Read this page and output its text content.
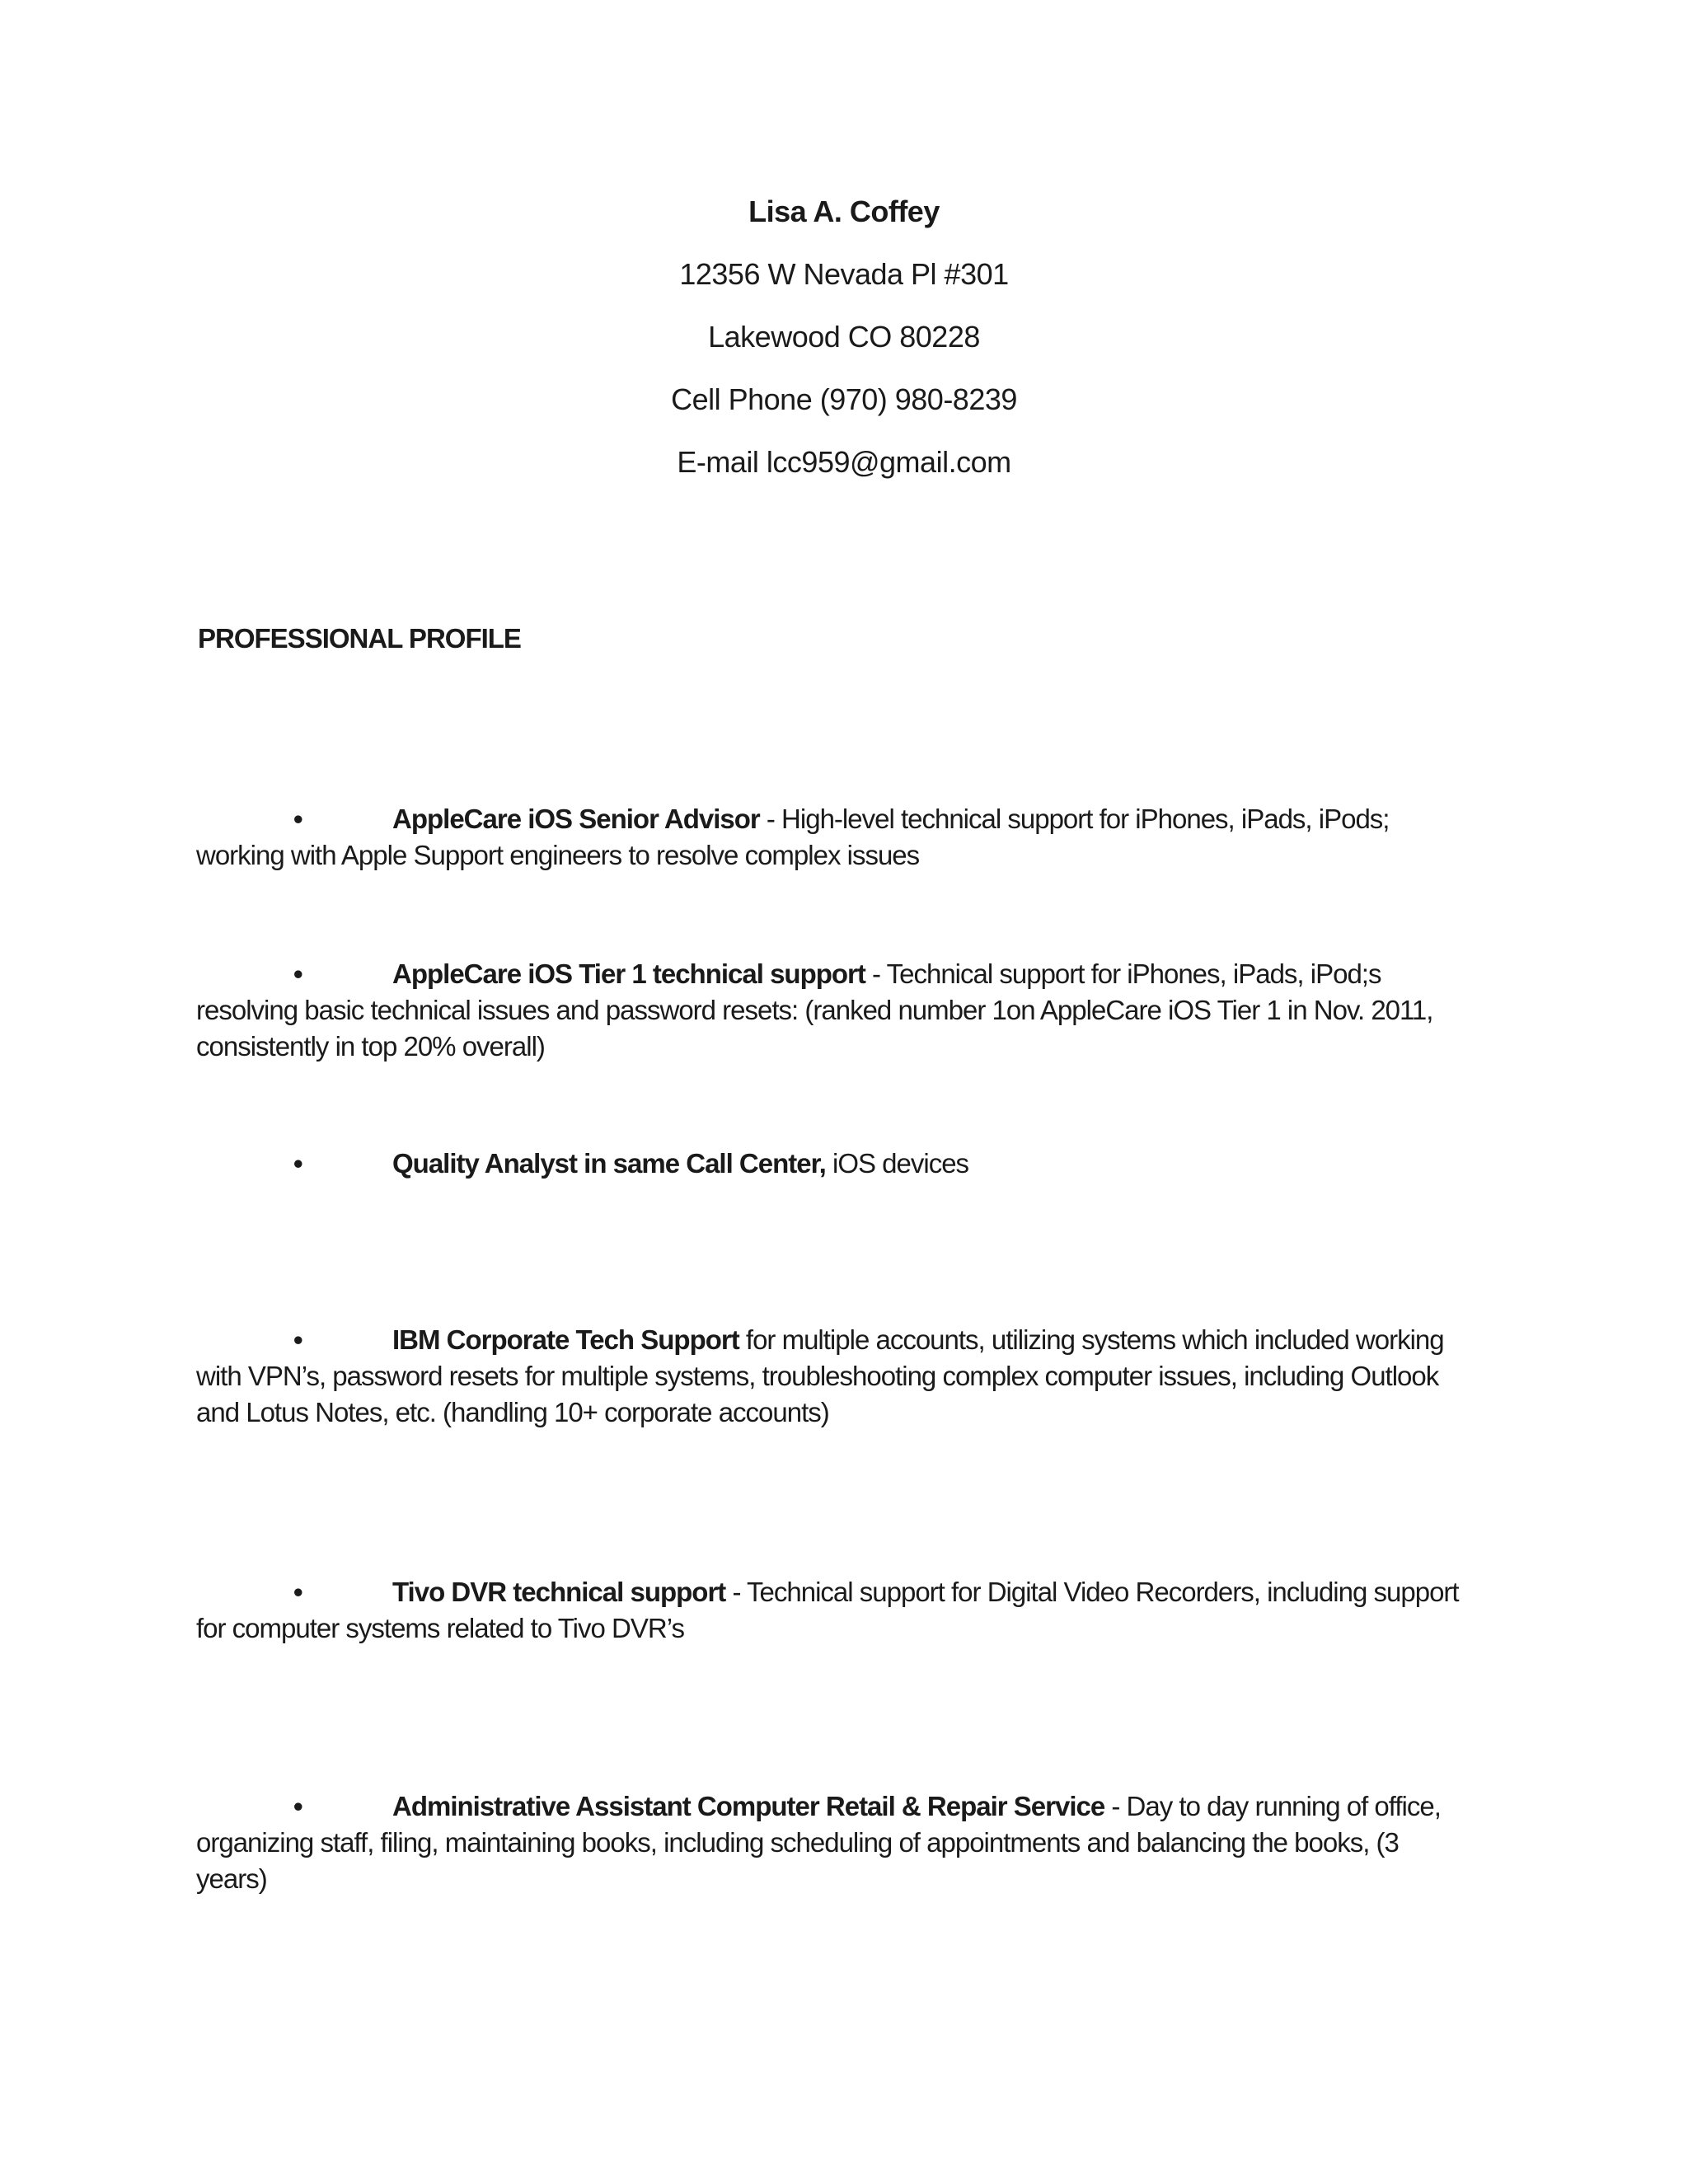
Lisa A. Coffey
12356 W Nevada Pl #301
Lakewood CO 80228
Cell Phone (970) 980-8239
E-mail lcc959@gmail.com
PROFESSIONAL PROFILE
•	AppleCare iOS Senior Advisor - High-level technical support for iPhones, iPads, iPods; working with Apple Support engineers to resolve complex issues
•	AppleCare iOS Tier 1 technical support - Technical support for iPhones, iPads, iPod;s resolving basic technical issues and password resets: (ranked number 1on AppleCare iOS Tier 1 in Nov. 2011, consistently in top 20% overall)
•	Quality Analyst in same Call Center, iOS devices
•	IBM Corporate Tech Support for multiple accounts, utilizing systems which included working with VPN’s, password resets for multiple systems, troubleshooting complex computer issues, including Outlook and Lotus Notes, etc. (handling 10+ corporate accounts)
•	Tivo DVR technical support - Technical support for Digital Video Recorders, including support for computer systems related to Tivo DVR’s
•	Administrative Assistant Computer Retail & Repair Service - Day to day running of office, organizing staff, filing, maintaining books, including scheduling of appointments and balancing the books, (3 years)
